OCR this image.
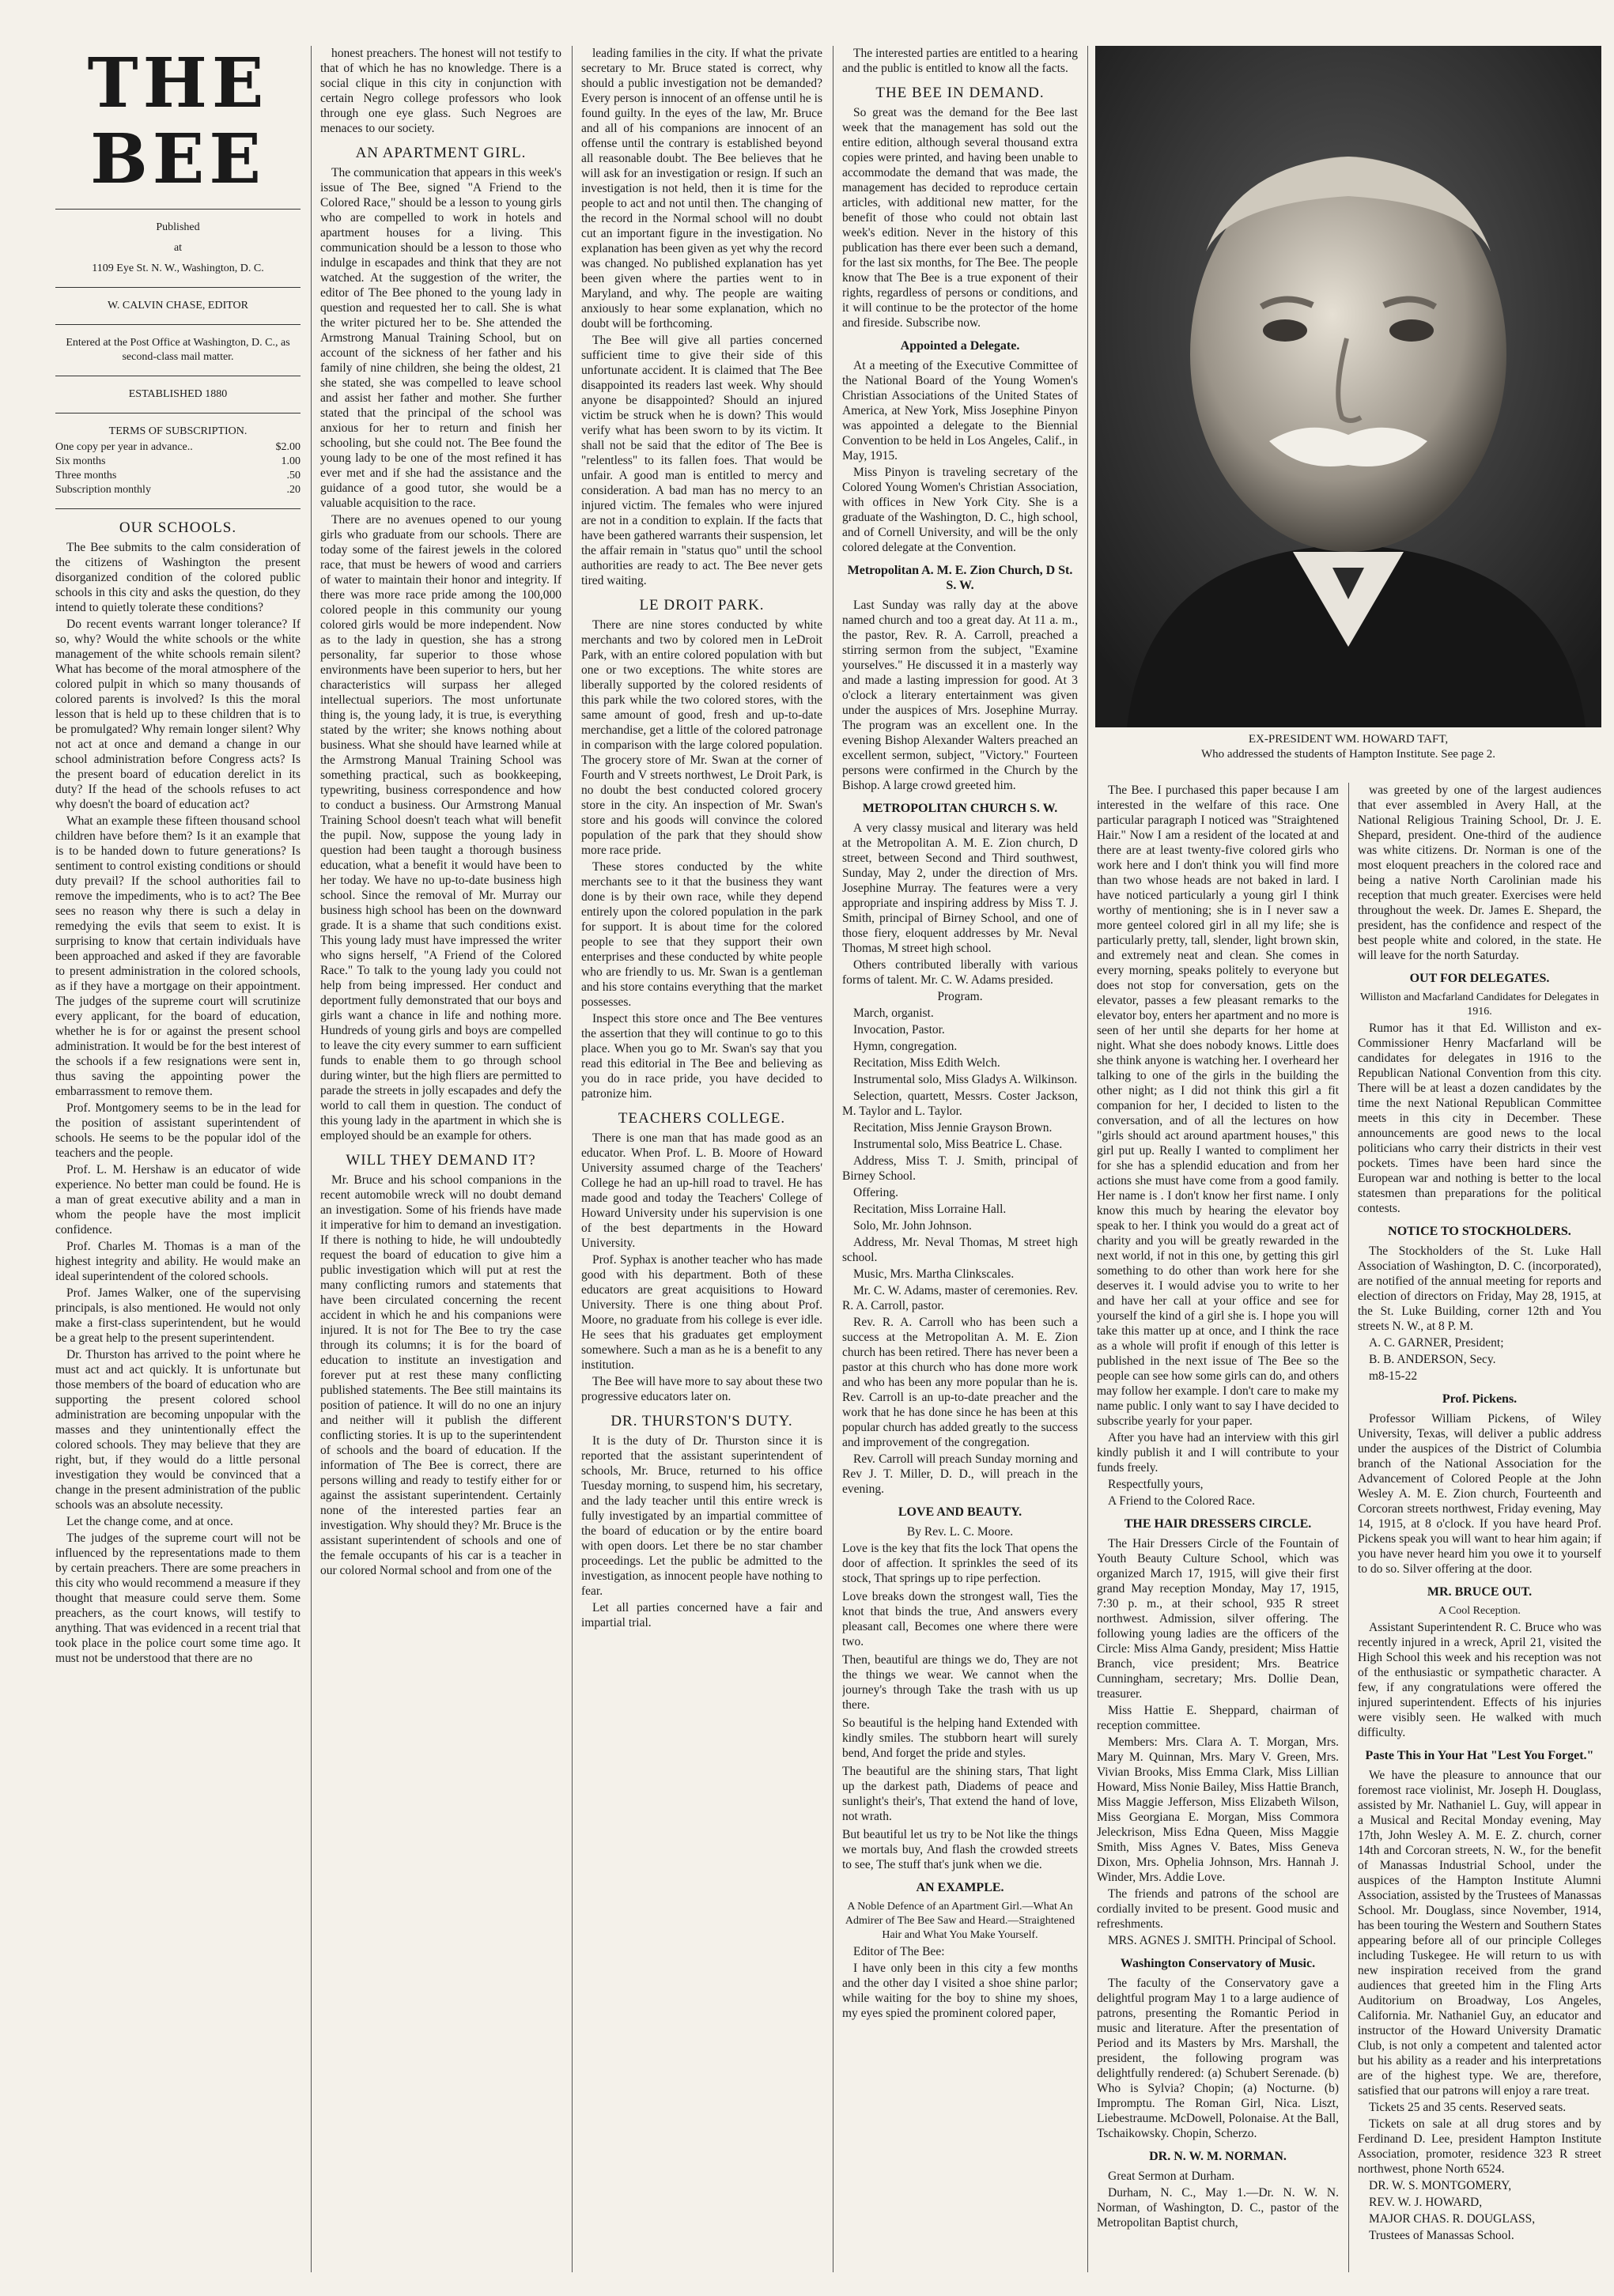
THE BEE

Published

at

1109 Eye St. N. W., Washington, D. C.

W. CALVIN CHASE, EDITOR

Entered at the Post Office at Washington, D. C., as second-class mail matter.

ESTABLISHED 1880

TERMS OF SUBSCRIPTION.

One copy per year in advance..	$2.00
Six months	1.00
Three months	.50
Subscription monthly	.20
OUR SCHOOLS.

The Bee submits to the calm consideration of the citizens of Washington the present disorganized condition of the colored public schools in this city and asks the question, do they intend to quietly tolerate these conditions?

Do recent events warrant longer tolerance? If so, why? Would the white schools or the white management of the white schools remain silent? What has become of the moral atmosphere of the colored pulpit in which so many thousands of colored parents is involved? Is this the moral lesson that is held up to these children that is to be promulgated? Why remain longer silent? Why not act at once and demand a change in our school administration before Congress acts? Is the present board of education derelict in its duty? If the head of the schools refuses to act why doesn't the board of education act?

What an example these fifteen thousand school children have before them? Is it an example that is to be handed down to future generations? Is sentiment to control existing conditions or should duty prevail? If the school authorities fail to remove the impediments, who is to act? The Bee sees no reason why there is such a delay in remedying the evils that seem to exist. It is surprising to know that certain individuals have been approached and asked if they are favorable to present administration in the colored schools, as if they have a mortgage on their appointment. The judges of the supreme court will scrutinize every applicant, for the board of education, whether he is for or against the present school administration. It would be for the best interest of the schools if a few resignations were sent in, thus saving the appointing power the embarrassment to remove them.

Prof. Montgomery seems to be in the lead for the position of assistant superintendent of schools. He seems to be the popular idol of the teachers and the people.

Prof. L. M. Hershaw is an educator of wide experience. No better man could be found. He is a man of great executive ability and a man in whom the people have the most implicit confidence.

Prof. Charles M. Thomas is a man of the highest integrity and ability. He would make an ideal superintendent of the colored schools.

Prof. James Walker, one of the supervising principals, is also mentioned. He would not only make a first-class superintendent, but he would be a great help to the present superintendent.

Dr. Thurston has arrived to the point where he must act and act quickly. It is unfortunate but those members of the board of education who are supporting the present colored school administration are becoming unpopular with the masses and they unintentionally effect the colored schools. They may believe that they are right, but, if they would do a little personal investigation they would be convinced that a change in the present administration of the public schools was an absolute necessity.

Let the change come, and at once.

The judges of the supreme court will not be influenced by the representations made to them by certain preachers. There are some preachers in this city who would recommend a measure if they thought that measure could serve them. Some preachers, as the court knows, will testify to anything. That was evidenced in a recent trial that took place in the police court some time ago. It must not be understood that there are no

honest preachers. The honest will not testify to that of which he has no knowledge. There is a social clique in this city in conjunction with certain Negro college professors who look through one eye glass. Such Negroes are menaces to our society.

AN APARTMENT GIRL.

The communication that appears in this week's issue of The Bee, signed "A Friend to the Colored Race," should be a lesson to young girls who are compelled to work in hotels and apartment houses for a living. This communication should be a lesson to those who indulge in escapades and think that they are not watched. At the suggestion of the writer, the editor of The Bee phoned to the young lady in question and requested her to call. She is what the writer pictured her to be. She attended the Armstrong Manual Training School, but on account of the sickness of her father and his family of nine children, she being the oldest, 21 she stated, she was compelled to leave school and assist her father and mother. She further stated that the principal of the school was anxious for her to return and finish her schooling, but she could not. The Bee found the young lady to be one of the most refined it has ever met and if she had the assistance and the guidance of a good tutor, she would be a valuable acquisition to the race.

There are no avenues opened to our young girls who graduate from our schools. There are today some of the fairest jewels in the colored race, that must be hewers of wood and carriers of water to maintain their honor and integrity. If there was more race pride among the 100,000 colored people in this community our young colored girls would be more independent. Now as to the lady in question, she has a strong personality, far superior to those whose environments have been superior to hers, but her characteristics will surpass her alleged intellectual superiors. The most unfortunate thing is, the young lady, it is true, is everything stated by the writer; she knows nothing about business. What she should have learned while at the Armstrong Manual Training School was something practical, such as bookkeeping, typewriting, business correspondence and how to conduct a business. Our Armstrong Manual Training School doesn't teach what will benefit the pupil. Now, suppose the young lady in question had been taught a thorough business education, what a benefit it would have been to her today. We have no up-to-date business high school. Since the removal of Mr. Murray our business high school has been on the downward grade. It is a shame that such conditions exist. This young lady must have impressed the writer who signs herself, "A Friend of the Colored Race." To talk to the young lady you could not help from being impressed. Her conduct and deportment fully demonstrated that our boys and girls want a chance in life and nothing more. Hundreds of young girls and boys are compelled to leave the city every summer to earn sufficient funds to enable them to go through school during winter, but the high fliers are permitted to parade the streets in jolly escapades and defy the world to call them in question. The conduct of this young lady in the apartment in which she is employed should be an example for others.

WILL THEY DEMAND IT?

Mr. Bruce and his school companions in the recent automobile wreck will no doubt demand an investigation. Some of his friends have made it imperative for him to demand an investigation. If there is nothing to hide, he will undoubtedly request the board of education to give him a public investigation which will put at rest the many conflicting rumors and statements that have been circulated concerning the recent accident in which he and his companions were injured. It is not for The Bee to try the case through its columns; it is for the board of education to institute an investigation and forever put at rest these many conflicting published statements. The Bee still maintains its position of patience. It will do no one an injury and neither will it publish the different conflicting stories. It is up to the superintendent of schools and the board of education. If the information of The Bee is correct, there are persons willing and ready to testify either for or against the assistant superintendent. Certainly none of the interested parties fear an investigation. Why should they? Mr. Bruce is the assistant superintendent of schools and one of the female occupants of his car is a teacher in our colored Normal school and from one of the

leading families in the city. If what the private secretary to Mr. Bruce stated is correct, why should a public investigation not be demanded? Every person is innocent of an offense until he is found guilty. In the eyes of the law, Mr. Bruce and all of his companions are innocent of an offense until the contrary is established beyond all reasonable doubt. The Bee believes that he will ask for an investigation or resign. If such an investigation is not held, then it is time for the people to act and not until then. The changing of the record in the Normal school will no doubt cut an important figure in the investigation. No explanation has been given as yet why the record was changed. No published explanation has yet been given where the parties went to in Maryland, and why. The people are waiting anxiously to hear some explanation, which no doubt will be forthcoming.

The Bee will give all parties concerned sufficient time to give their side of this unfortunate accident. It is claimed that The Bee disappointed its readers last week. Why should anyone be disappointed? Should an injured victim be struck when he is down? This would verify what has been sworn to by its victim. It shall not be said that the editor of The Bee is "relentless" to its fallen foes. That would be unfair. A good man is entitled to mercy and consideration. A bad man has no mercy to an injured victim. The females who were injured are not in a condition to explain. If the facts that have been gathered warrants their suspension, let the affair remain in "status quo" until the school authorities are ready to act. The Bee never gets tired waiting.

LE DROIT PARK.

There are nine stores conducted by white merchants and two by colored men in LeDroit Park, with an entire colored population with but one or two exceptions. The white stores are liberally supported by the colored residents of this park while the two colored stores, with the same amount of good, fresh and up-to-date merchandise, get a little of the colored patronage in comparison with the large colored population. The grocery store of Mr. Swan at the corner of Fourth and V streets northwest, Le Droit Park, is no doubt the best conducted colored grocery store in the city. An inspection of Mr. Swan's store and his goods will convince the colored population of the park that they should show more race pride.

These stores conducted by the white merchants see to it that the business they want done is by their own race, while they depend entirely upon the colored population in the park for support. It is about time for the colored people to see that they support their own enterprises and these conducted by white people who are friendly to us. Mr. Swan is a gentleman and his store contains everything that the market possesses.

Inspect this store once and The Bee ventures the assertion that they will continue to go to this place. When you go to Mr. Swan's say that you read this editorial in The Bee and believing as you do in race pride, you have decided to patronize him.

TEACHERS COLLEGE.

There is one man that has made good as an educator. When Prof. L. B. Moore of Howard University assumed charge of the Teachers' College he had an up-hill road to travel. He has made good and today the Teachers' College of Howard University under his supervision is one of the best departments in the Howard University.

Prof. Syphax is another teacher who has made good with his department. Both of these educators are great acquisitions to Howard University. There is one thing about Prof. Moore, no graduate from his college is ever idle. He sees that his graduates get employment somewhere. Such a man as he is a benefit to any institution.

The Bee will have more to say about these two progressive educators later on.

DR. THURSTON'S DUTY.

It is the duty of Dr. Thurston since it is reported that the assistant superintendent of schools, Mr. Bruce, returned to his office Tuesday morning, to suspend him, his secretary, and the lady teacher until this entire wreck is fully investigated by an impartial committee of the board of education or by the entire board with open doors. Let there be no star chamber proceedings. Let the public be admitted to the investigation, as innocent people have nothing to fear.

Let all parties concerned have a fair and impartial trial.

The interested parties are entitled to a hearing and the public is entitled to know all the facts.

THE BEE IN DEMAND.

So great was the demand for the Bee last week that the management has sold out the entire edition, although several thousand extra copies were printed, and having been unable to accommodate the demand that was made, the management has decided to reproduce certain articles, with additional new matter, for the benefit of those who could not obtain last week's edition. Never in the history of this publication has there ever been such a demand, for the last six months, for The Bee. The people know that The Bee is a true exponent of their rights, regardless of persons or conditions, and it will continue to be the protector of the home and fireside. Subscribe now.

Appointed a Delegate.

At a meeting of the Executive Committee of the National Board of the Young Women's Christian Associations of the United States of America, at New York, Miss Josephine Pinyon was appointed a delegate to the Biennial Convention to be held in Los Angeles, Calif., in May, 1915.

Miss Pinyon is traveling secretary of the Colored Young Women's Christian Association, with offices in New York City. She is a graduate of the Washington, D. C., high school, and of Cornell University, and will be the only colored delegate at the Convention.

Metropolitan A. M. E. Zion Church, D St. S. W.

Last Sunday was rally day at the above named church and too a great day. At 11 a. m., the pastor, Rev. R. A. Carroll, preached a stirring sermon from the subject, "Examine yourselves." He discussed it in a masterly way and made a lasting impression for good. At 3 o'clock a literary entertainment was given under the auspices of Mrs. Josephine Murray. The program was an excellent one. In the evening Bishop Alexander Walters preached an excellent sermon, subject, "Victory." Fourteen persons were confirmed in the Church by the Bishop. A large crowd greeted him.

METROPOLITAN CHURCH S. W.

A very classy musical and literary was held at the Metropolitan A. M. E. Zion church, D street, between Second and Third southwest, Sunday, May 2, under the direction of Mrs. Josephine Murray. The features were a very appropriate and inspiring address by Miss T. J. Smith, principal of Birney School, and one of those fiery, eloquent addresses by Mr. Neval Thomas, M street high school.

Others contributed liberally with various forms of talent. Mr. C. W. Adams presided.

Program.

March, organist.

Invocation, Pastor.

Hymn, congregation.

Recitation, Miss Edith Welch.

Instrumental solo, Miss Gladys A. Wilkinson.

Selection, quartett, Messrs. Coster Jackson, M. Taylor and L. Taylor.

Recitation, Miss Jennie Grayson Brown.

Instrumental solo, Miss Beatrice L. Chase.

Address, Miss T. J. Smith, principal of Birney School.

Offering.

Recitation, Miss Lorraine Hall.

Solo, Mr. John Johnson.

Address, Mr. Neval Thomas, M street high school.

Music, Mrs. Martha Clinkscales.

Mr. C. W. Adams, master of ceremonies. Rev. R. A. Carroll, pastor.

Rev. R. A. Carroll who has been such a success at the Metropolitan A. M. E. Zion church has been retired. There has never been a pastor at this church who has done more work and who has been any more popular than he is. Rev. Carroll is an up-to-date preacher and the work that he has done since he has been at this popular church has added greatly to the success and improvement of the congregation.

Rev. Carroll will preach Sunday morning and Rev J. T. Miller, D. D., will preach in the evening.

LOVE AND BEAUTY.

By Rev. L. C. Moore.

Love is the key that fits the lock That opens the door of affection. It sprinkles the seed of its stock, That springs up to ripe perfection.

Love breaks down the strongest wall, Ties the knot that binds the true, And answers every pleasant call, Becomes one where there were two.

Then, beautiful are things we do, They are not the things we wear. We cannot when the journey's through Take the trash with us up there.

So beautiful is the helping hand Extended with kindly smiles. The stubborn heart will surely bend, And forget the pride and styles.

The beautiful are the shining stars, That light up the darkest path, Diadems of peace and sunlight's their's, That extend the hand of love, not wrath.

But beautiful let us try to be Not like the things we mortals buy, And flash the crowded streets to see, The stuff that's junk when we die.

AN EXAMPLE.

A Noble Defence of an Apartment Girl.—What An Admirer of The Bee Saw and Heard.—Straightened Hair and What You Make Yourself.

Editor of The Bee:

I have only been in this city a few months and the other day I visited a shoe shine parlor; while waiting for the boy to shine my shoes, my eyes spied the prominent colored paper,

EX-PRESIDENT WM. HOWARD TAFT,
Who addressed the students of Hampton Institute. See page 2.

The Bee. I purchased this paper because I am interested in the welfare of this race. One particular paragraph I noticed was "Straightened Hair." Now I am a resident of the located at and there are at least twenty-five colored girls who work here and I don't think you will find more than two whose heads are not baked in lard. I have noticed particularly a young girl I think worthy of mentioning; she is in I never saw a more genteel colored girl in all my life; she is particularly pretty, tall, slender, light brown skin, and extremely neat and clean. She comes in every morning, speaks politely to everyone but does not stop for conversation, gets on the elevator, passes a few pleasant remarks to the elevator boy, enters her apartment and no more is seen of her until she departs for her home at night. What she does nobody knows. Little does she think anyone is watching her. I overheard her talking to one of the girls in the building the other night; as I did not think this girl a fit companion for her, I decided to listen to the conversation, and of all the lectures on how "girls should act around apartment houses," this girl put up. Really I wanted to compliment her for she has a splendid education and from her actions she must have come from a good family. Her name is . I don't know her first name. I only know this much by hearing the elevator boy speak to her. I think you would do a great act of charity and you will be greatly rewarded in the next world, if not in this one, by getting this girl something to do other than work here for she deserves it. I would advise you to write to her and have her call at your office and see for yourself the kind of a girl she is. I hope you will take this matter up at once, and I think the race as a whole will profit if enough of this letter is published in the next issue of The Bee so the people can see how some girls can do, and others may follow her example. I don't care to make my name public. I only want to say I have decided to subscribe yearly for your paper.

After you have had an interview with this girl kindly publish it and I will contribute to your funds freely.

Respectfully yours,

A Friend to the Colored Race.

THE HAIR DRESSERS CIRCLE.

The Hair Dressers Circle of the Fountain of Youth Beauty Culture School, which was organized March 17, 1915, will give their first grand May reception Monday, May 17, 1915, 7:30 p. m., at their school, 935 R street northwest. Admission, silver offering. The following young ladies are the officers of the Circle: Miss Alma Gandy, president; Miss Hattie Branch, vice president; Mrs. Beatrice Cunningham, secretary; Mrs. Dollie Dean, treasurer.

Miss Hattie E. Sheppard, chairman of reception committee.

Members: Mrs. Clara A. T. Morgan, Mrs. Mary M. Quinnan, Mrs. Mary V. Green, Mrs. Vivian Brooks, Miss Emma Clark, Miss Lillian Howard, Miss Nonie Bailey, Miss Hattie Branch, Miss Maggie Jefferson, Miss Elizabeth Wilson, Miss Georgiana E. Morgan, Miss Commora Jeleckrison, Miss Edna Queen, Miss Maggie Smith, Miss Agnes V. Bates, Miss Geneva Dixon, Mrs. Ophelia Johnson, Mrs. Hannah J. Winder, Mrs. Addie Love.

The friends and patrons of the school are cordially invited to be present. Good music and refreshments.

MRS. AGNES J. SMITH. Principal of School.

Washington Conservatory of Music.

The faculty of the Conservatory gave a delightful program May 1 to a large audience of patrons, presenting the Romantic Period in music and literature. After the presentation of Period and its Masters by Mrs. Marshall, the president, the following program was delightfully rendered: (a) Schubert Serenade. (b) Who is Sylvia? Chopin; (a) Nocturne. (b) Impromptu. The Roman Girl, Nica. Liszt, Liebestraume. McDowell, Polonaise. At the Ball, Tschaikowsky. Chopin, Scherzo.

DR. N. W. M. NORMAN.

Great Sermon at Durham.

Durham, N. C., May 1.—Dr. N. W. N. Norman, of Washington, D. C., pastor of the Metropolitan Baptist church,

was greeted by one of the largest audiences that ever assembled in Avery Hall, at the National Religious Training School, Dr. J. E. Shepard, president. One-third of the audience was white citizens. Dr. Norman is one of the most eloquent preachers in the colored race and being a native North Carolinian made his reception that much greater. Exercises were held throughout the week. Dr. James E. Shepard, the president, has the confidence and respect of the best people white and colored, in the state. He will leave for the north Saturday.

OUT FOR DELEGATES.

Williston and Macfarland Candidates for Delegates in 1916.

Rumor has it that Ed. Williston and ex-Commissioner Henry Macfarland will be candidates for delegates in 1916 to the Republican National Convention from this city. There will be at least a dozen candidates by the time the next National Republican Committee meets in this city in December. These announcements are good news to the local politicians who carry their districts in their vest pockets. Times have been hard since the European war and nothing is better to the local statesmen than preparations for the political contests.

NOTICE TO STOCKHOLDERS.

The Stockholders of the St. Luke Hall Association of Washington, D. C. (incorporated), are notified of the annual meeting for reports and election of directors on Friday, May 28, 1915, at the St. Luke Building, corner 12th and You streets N. W., at 8 P. M.

A. C. GARNER, President;

B. B. ANDERSON, Secy.

m8-15-22

Prof. Pickens.

Professor William Pickens, of Wiley University, Texas, will deliver a public address under the auspices of the District of Columbia branch of the National Association for the Advancement of Colored People at the John Wesley A. M. E. Zion church, Fourteenth and Corcoran streets northwest, Friday evening, May 14, 1915, at 8 o'clock. If you have heard Prof. Pickens speak you will want to hear him again; if you have never heard him you owe it to yourself to do so. Silver offering at the door.

MR. BRUCE OUT.

A Cool Reception.

Assistant Superintendent R. C. Bruce who was recently injured in a wreck, April 21, visited the High School this week and his reception was not of the enthusiastic or sympathetic character. A few, if any congratulations were offered the injured superintendent. Effects of his injuries were visibly seen. He walked with much difficulty.

Paste This in Your Hat "Lest You Forget."

We have the pleasure to announce that our foremost race violinist, Mr. Joseph H. Douglass, assisted by Mr. Nathaniel L. Guy, will appear in a Musical and Recital Monday evening, May 17th, John Wesley A. M. E. Z. church, corner 14th and Corcoran streets, N. W., for the benefit of Manassas Industrial School, under the auspices of the Hampton Institute Alumni Association, assisted by the Trustees of Manassas School. Mr. Douglass, since November, 1914, has been touring the Western and Southern States appearing before all of our principle Colleges including Tuskegee. He will return to us with new inspiration received from the grand audiences that greeted him in the Fling Arts Auditorium on Broadway, Los Angeles, California. Mr. Nathaniel Guy, an educator and instructor of the Howard University Dramatic Club, is not only a competent and talented actor but his ability as a reader and his interpretations are of the highest type. We are, therefore, satisfied that our patrons will enjoy a rare treat.

Tickets 25 and 35 cents. Reserved seats.

Tickets on sale at all drug stores and by Ferdinand D. Lee, president Hampton Institute Association, promoter, residence 323 R street northwest, phone North 6524.

DR. W. S. MONTGOMERY,

REV. W. J. HOWARD,

MAJOR CHAS. R. DOUGLASS,

Trustees of Manassas School.
